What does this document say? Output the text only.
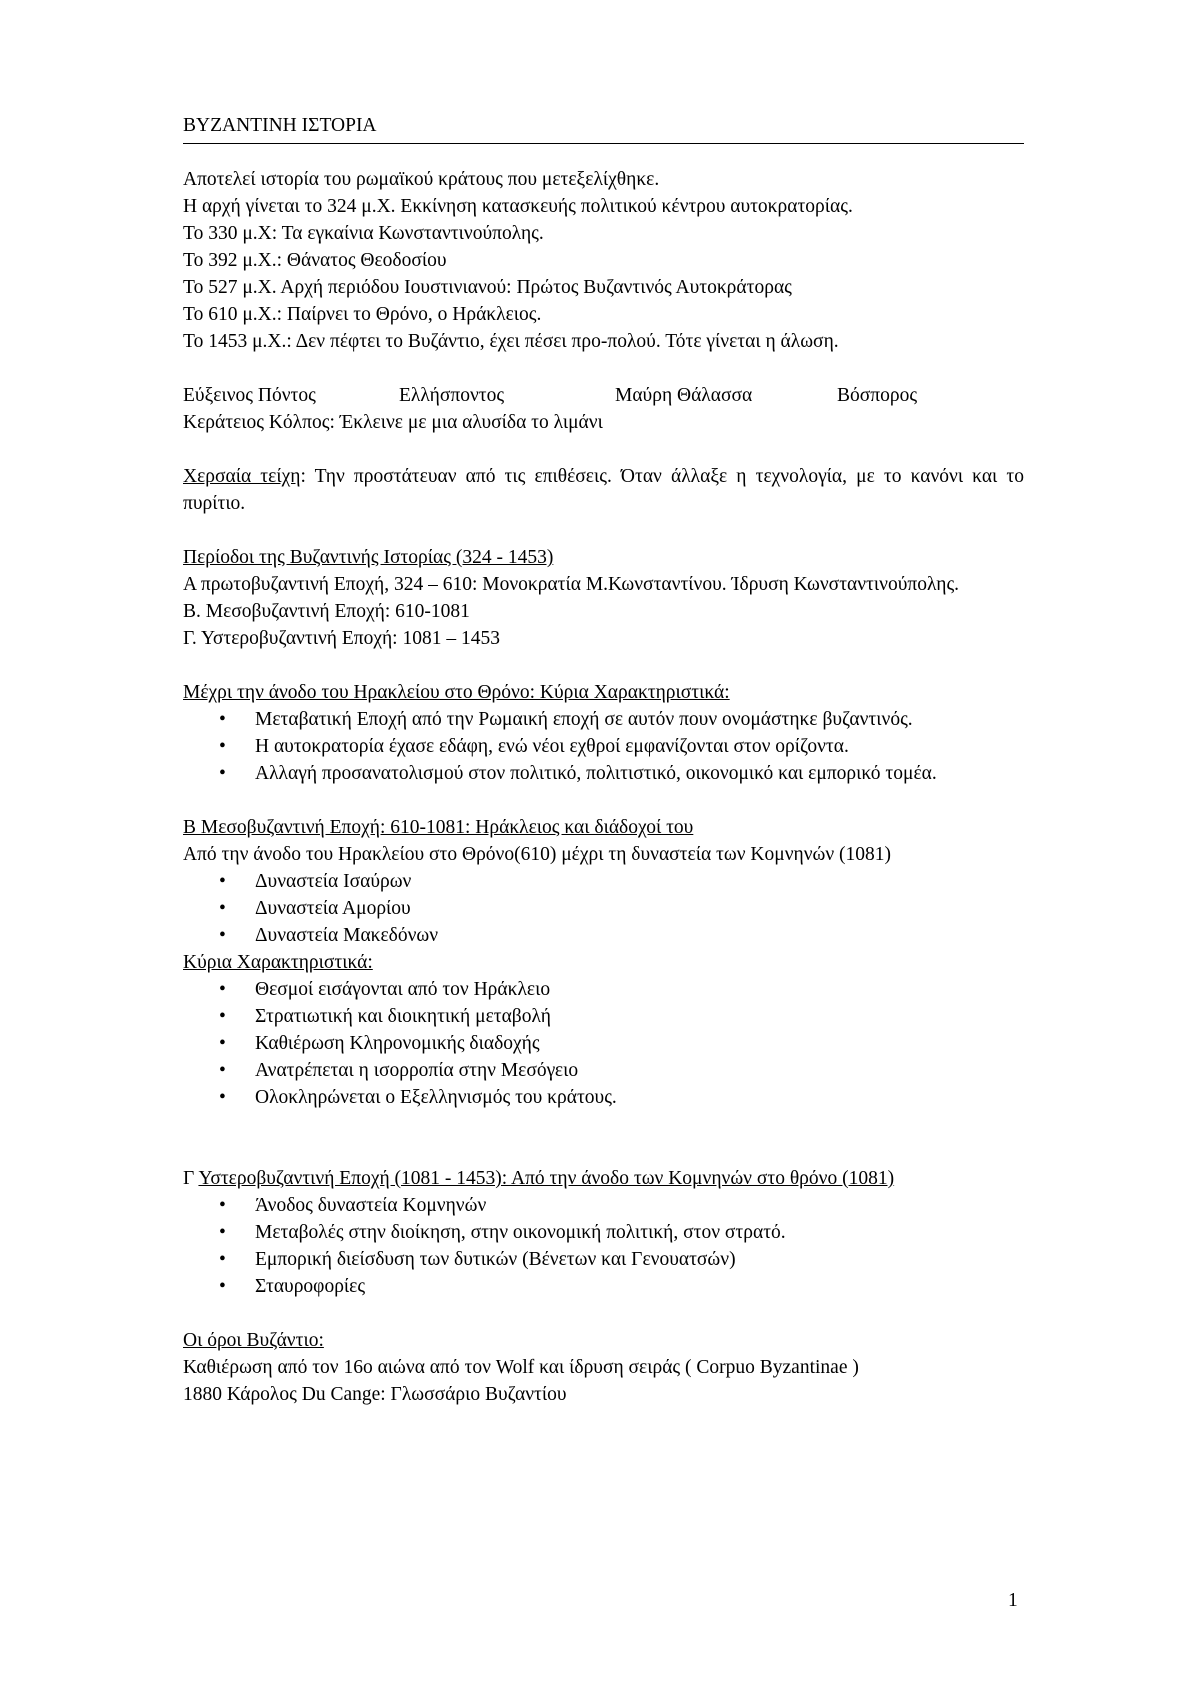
ΒΥΖΑΝΤΙΝΗ ΙΣΤΟΡΙΑ

Αποτελεί ιστορία του ρωμαϊκού κράτους που μετεξελίχθηκε.

Η αρχή γίνεται το 324 μ.Χ. Εκκίνηση κατασκευής πολιτικού κέντρου αυτοκρατορίας.

Το 330 μ.Χ: Τα εγκαίνια Κωνσταντινούπολης.

Το 392 μ.Χ.: Θάνατος Θεοδοσίου

Το 527 μ.Χ. Αρχή περιόδου Ιουστινιανού: Πρώτος Βυζαντινός Αυτοκράτορας

Το 610 μ.Χ.: Παίρνει το Θρόνο, ο Ηράκλειος.

Το 1453 μ.Χ.: Δεν πέφτει το Βυζάντιο, έχει πέσει προ-πολού. Τότε γίνεται η άλωση.

Εύξεινος Πόντος	Ελλήσποντος	Μαύρη Θάλασσα	Βόσπορος

Κεράτειος Κόλπος: Έκλεινε με μια αλυσίδα το λιμάνι

Χερσαία τείχη: Την προστάτευαν από τις επιθέσεις. Όταν άλλαξε η τεχνολογία, με το κανόνι και το πυρίτιο.

Περίοδοι της Βυζαντινής Ιστορίας (324 - 1453)

Α πρωτοβυζαντινή Εποχή, 324 – 610: Μονοκρατία Μ.Κωνσταντίνου. Ίδρυση Κωνσταντινούπολης.

Β. Μεσοβυζαντινή Εποχή: 610-1081

Γ. Υστεροβυζαντινή Εποχή: 1081 – 1453

Μέχρι την άνοδο του Ηρακλείου στο Θρόνο: Κύρια Χαρακτηριστικά:

• Μεταβατική Εποχή από την Ρωμαική εποχή σε αυτόν πουν ονομάστηκε βυζαντινός.
• Η αυτοκρατορία έχασε εδάφη, ενώ νέοι εχθροί εμφανίζονται στον ορίζοντα.
• Αλλαγή προσανατολισμού στον πολιτικό, πολιτιστικό, οικονομικό και εμπορικό τομέα.

Β Μεσοβυζαντινή Εποχή: 610-1081: Ηράκλειος και διάδοχοί του

Από την άνοδο του Ηρακλείου στο Θρόνο(610) μέχρι τη δυναστεία των Κομνηνών (1081)

• Δυναστεία Ισαύρων
• Δυναστεία Αμορίου
• Δυναστεία Μακεδόνων

Κύρια Χαρακτηριστικά:

• Θεσμοί εισάγονται από τον Ηράκλειο
• Στρατιωτική και διοικητική μεταβολή
• Καθιέρωση Κληρονομικής διαδοχής
• Ανατρέπεται η ισορροπία στην Μεσόγειο
• Ολοκληρώνεται ο Εξελληνισμός του κράτους.

Γ Υστεροβυζαντινή Εποχή (1081 - 1453): Από την άνοδο των Κομνηνών στο θρόνο (1081)

• Άνοδος δυναστεία Κομνηνών
• Μεταβολές στην διοίκηση, στην οικονομική πολιτική, στον στρατό.
• Εμπορική διείσδυση των δυτικών (Βένετων και Γενουατσών)
• Σταυροφορίες

Οι όροι Βυζάντιο:

Καθιέρωση από τον 16ο αιώνα από τον Wolf και ίδρυση σειράς ( Corpuo Byzantinae )

1880 Κάρολος Du Cange: Γλωσσάριο Βυζαντίου

1
